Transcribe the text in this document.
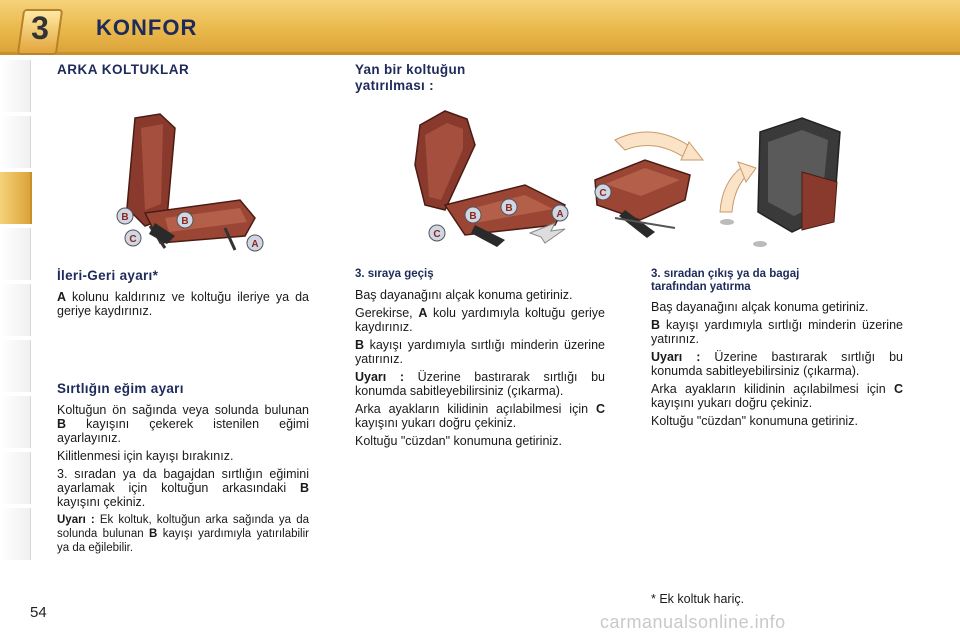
3 KONFOR
ARKA KOLTUKLAR
B	B
C	A
İleri-Geri ayarı*

A kolunu kaldırınız ve koltuğu ileriye ya da geriye kaydırınız.

Sırtlığın eğim ayarı

Koltuğun ön sağında veya solunda bulunan B kayışını çekerek istenilen eğimi ayarlayınız.

Kilitlenmesi için kayışı bırakınız.

3. sıradan ya da bagajdan sırtlığın eğimini ayarlamak için koltuğun arkasındaki B kayışını çekiniz.

Uyarı : Ek koltuk, koltuğun arka sağında ya da solunda bulunan B kayışı yardımıyla yatırılabilir ya da eğilebilir.

Yan bir koltuğun
yatırılması :
B
B
C
A
C
3. sıraya geçiş

Baş dayanağını alçak konuma getiriniz.

Gerekirse, A kolu yardımıyla koltuğu geriye kaydırınız.

B kayışı yardımıyla sırtlığı minderin üzerine yatırınız.

Uyarı : Üzerine bastırarak sırtlığı bu konumda sabitleyebilirsiniz (çıkarma).

Arka ayakların kilidinin açılabilmesi için C kayışını yukarı doğru çekiniz.

Koltuğu "cüzdan" konumuna getiriniz.

3. sıradan çıkış ya da bagaj
tarafından yatırma

Baş dayanağını alçak konuma getiriniz.

B kayışı yardımıyla sırtlığı minderin üzerine yatırınız.

Uyarı : Üzerine bastırarak sırtlığı bu konumda sabitleyebilirsiniz (çıkarma).

Arka ayakların kilidinin açılabilmesi için C kayışını yukarı doğru çekiniz.

Koltuğu "cüzdan" konumuna getiriniz.

* Ek koltuk hariç.
54	carmanualsonline.info
